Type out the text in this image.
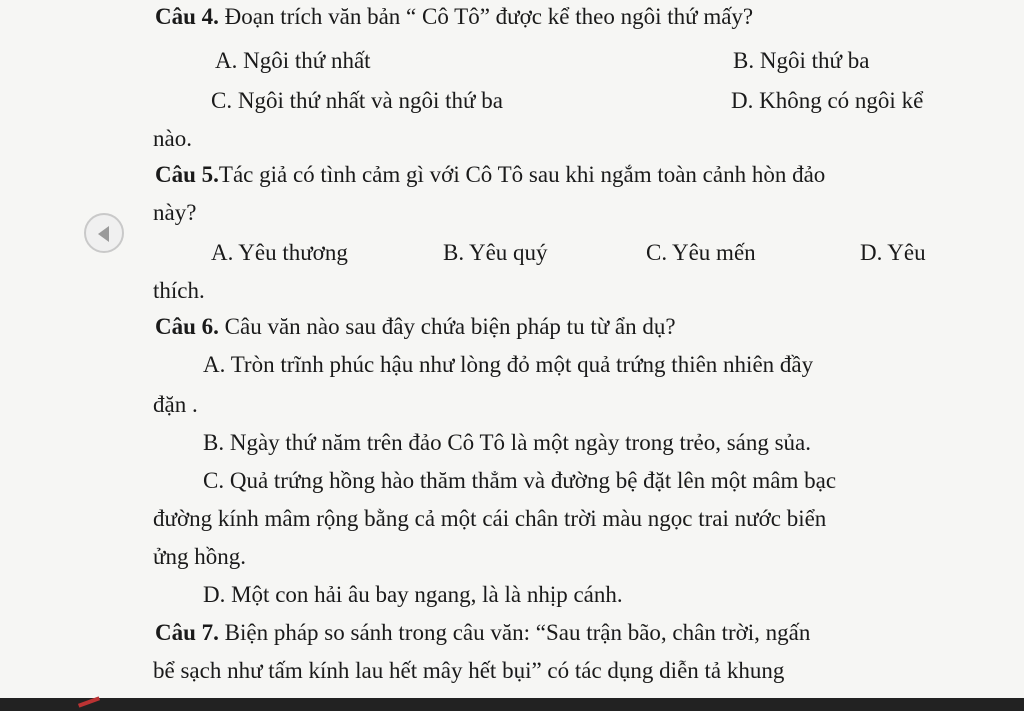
Câu 4. Đoạn trích văn bản “ Cô Tô” được kể theo ngôi thứ mấy?
A. Ngôi thứ nhất	B. Ngôi thứ ba
C. Ngôi thứ nhất và ngôi thứ ba	D. Không có ngôi kể
nào.
Câu 5.Tác giả có tình cảm gì với Cô Tô sau khi ngắm toàn cảnh hòn đảo
này?
A. Yêu thương	B. Yêu quý	C. Yêu mến	D. Yêu
thích.
Câu 6. Câu văn nào sau đây chứa biện pháp tu từ ẩn dụ?
A. Tròn trĩnh phúc hậu như lòng đỏ một quả trứng thiên nhiên đầy
đặn .
B. Ngày thứ năm trên đảo Cô Tô là một ngày trong trẻo, sáng sủa.
C. Quả trứng hồng hào thăm thẳm và đường bệ đặt lên một mâm bạc
đường kính mâm rộng bằng cả một cái chân trời màu ngọc trai nước biển
ửng hồng.
D. Một con hải âu bay ngang, là là nhịp cánh.
Câu 7. Biện pháp so sánh trong câu văn: “Sau trận bão, chân trời, ngấn
bể sạch như tấm kính lau hết mây hết bụi” có tác dụng diễn tả khung
